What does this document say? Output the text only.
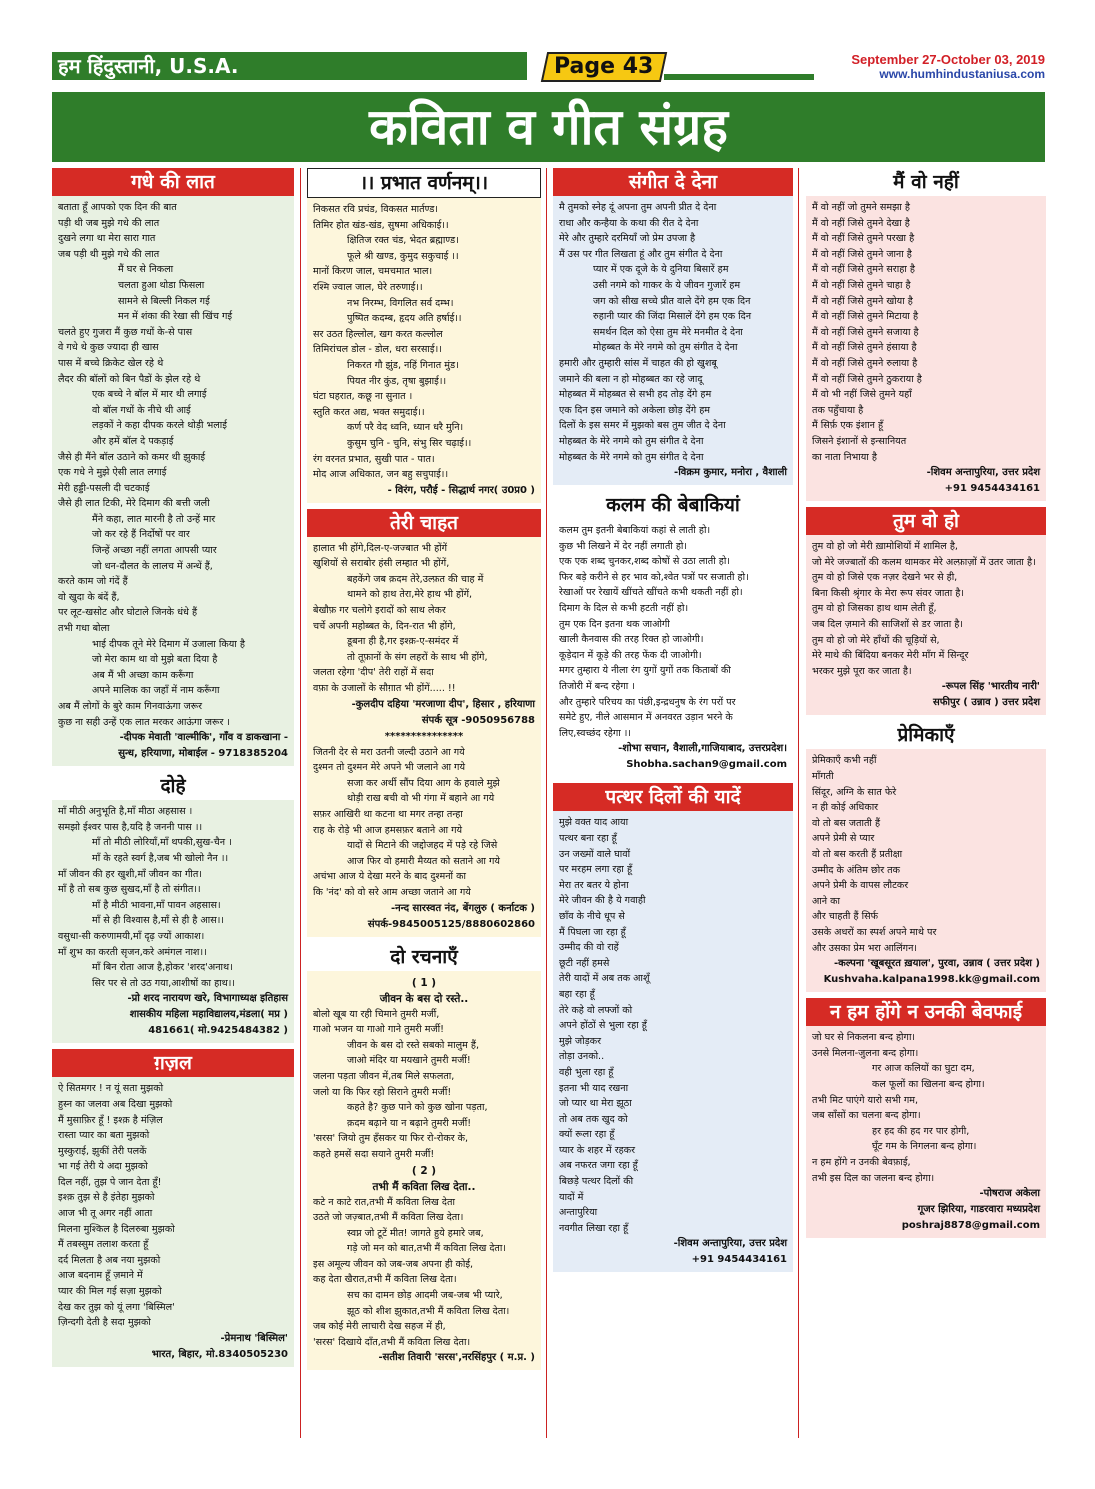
हम हिंदुस्तानी, U.S.A.	Page 43	September 27-October 03, 2019
www.humhindustaniusa.com
कविता व गीत संग्रह
गधे की लात
बताता हूँ आपको एक दिन की बात
पड़ी थी जब मुझे गधे की लात
दुखने लगा था मेरा सारा गात
जब पड़ी थी मुझे गधे की लात
मैं घर से निकला
चलता हुआ थोडा फिसला
सामने से बिल्ली निकल गई
मन में शंका की रेखा सी खिंच गई
चलते हुए गुजरा मैं कुछ गधों के-से पास
वे गधे थे कुछ ज्यादा ही खास
पास में बच्चे क्रिकेट खेल रहे थे
लैदर की बॉलों को बिन पैडों के झेल रहे थे
एक बच्चे ने बॉल में मार थी लगाई
वो बॉल गधों के नीचे थी आई
लड़कों ने कहा दीपक करले थोड़ी भलाई
और हमें बॉल दे पकड़ाई
जैसे ही मैंने बॉल उठाने को कमर थी झुकाई
एक गधे ने मुझे ऐसी लात लगाई
मेरी हड्डी-पसली दी चटकाई
जैसे ही लात टिकी, मेरे दिमाग की बत्ती जली
मैंने कहा, लात मारनी है तो उन्हें मार
जो कर रहे हैं निर्दोषों पर वार
जिन्हें अच्छा नहीं लगता आपसी प्यार
जो धन-दौलत के लालच में अन्धें हैं,
करते काम जो गंदें हैं
वो खुदा के बंदें हैं,
पर लूट-खसोट और घोटाले जिनके धंधे हैं
तभी गधा बोला
भाई दीपक तूने मेरे दिमाग में उजाला किया है
जो मेरा काम था वो मुझे बता दिया है
अब मैं भी अच्छा काम करूँगा
अपने मालिक का जहाँ में नाम करूँगा
अब मैं लोगों के बुरे काम गिनवाऊंगा जरूर
कुछ ना सही उन्हें एक लात मरकर आऊंगा जरूर ।
-दीपक मेवाती 'वाल्मीकि', गाँव व डाकखाना -
सुन्ध, हरियाणा, मोबाईल - 9718385204
दोहे
माँ मीठी अनुभूति है,माँ मीठा अहसास ।
समझो ईश्वर पास है,यदि है जननी पास ।।
माँ तो मीठी लोरियाँ,माँ थपकी,सुख-चैन ।
माँ के रहते स्वर्ग है,जब भी खोलो नैन ।।
माँ जीवन की हर खुशी,माँ जीवन का गीत।
माँ है तो सब कुछ सुखद,माँ है तो संगीत।।
माँ है मीठी भावना,माँ पावन अहसास।
माँ से ही विश्वास है,माँ से ही है आस।।
वसुधा-सी करुणामयी,माँ दृढ़ ज्यों आकाश।
माँ शुभ का करती सृजन,करे अमंगल नाश।।
माँ बिन रोता आज है,होकर 'शरद'अनाथ।
सिर पर से तो उठ गया,आशीषों का हाथ।।
-प्रो शरद नारायण खरे, विभागाध्यक्ष इतिहास
शासकीय महिला महाविद्यालय,मंडला( मप्र )
481661( मो.9425484382 )
ग़ज़ल
ऐ सितमगर ! न यूं सता मुझको
हुस्न का जलवा अब दिखा मुझको
मैं मुसाफ़िर हूँ ! इश्क़ है मंज़िल
रास्ता प्यार का बता मुझको
मुस्कुराई, झुकीं तेरी पलकें
भा गई तेरी ये अदा मुझको
दिल नहीं, तुझ पे जान देता हूँ!
इश्क़ तुझ से है इंतेहा मुझको
आज भी तू अगर नहीं आता
मिलना मुश्किल है दिलरुबा मुझको
मैं तबस्सुम तलाश करता हूँ
दर्द मिलता है अब नया मुझको
आज बदनाम हूँ ज़माने में
प्यार की मिल गई सज़ा मुझको
देख कर तुझ को यूं लगा 'बिस्मिल'
ज़िन्दगी देती है सदा मुझको
-प्रेमनाथ 'बिस्मिल'
भारत, बिहार, मो.8340505230
।। प्रभात वर्णनम्।।
निकसत रवि प्रचंड, विकसत मार्तण्ड।
तिमिर होत खंड-खंड, सुषमा अधिकाई।।
क्षितिज रक्त चंड, भेदत ब्रह्माण्ड।
फूले श्री खण्ड, कुमुद सकुचाई ।।
मानों किरण जाल, चमचमात भाल।
रश्मि ज्वाल जाल, घेरे तरुणाई।।
नभ निरम्भ, विगलित सर्व दम्भ।
पुष्पित कदम्ब, हृदय अति हर्षाई।।
सर उठत हिल्लोल, खग करत कल्लोल
तिमिरांचल डोल - डोल, धरा सरसाई।।
निकरत गौ झुंड, नहिं गिनात मुंड।
पियत नीर कुंड, तृषा बुझाई।।
घंटा घहरात, कछू ना सुनात ।
स्तुति करत अद्य, भक्त समुदाई।।
कर्ण परै वेद ध्वनि, ध्यान धरै मुनि।
कुसुम चुनि - चुनि, संभु सिर चढ़ाई।।
रंग वरनत प्रभात, सुखी पात - पात।
मोद आज अधिकात, जन बहु सचुपाई।।
- विरंग, परौई - सिद्धार्थ नगर( उ0प्र0 )
तेरी चाहत
हालात भी होंगे,दिल-ए-जज्बात भी होंगें
खुशियों से सराबोर हंसी लम्हात भी होंगें,
बहकेंगे जब क़दम तेरे,उल्फ़त की चाह में
थामने को हाथ तेरा,मेरे हाथ भी होंगें,
बेखौफ़ गर चलोगे इरादों को साथ लेकर
चर्चे अपनी महोब्बत के, दिन-रात भी होंगे,
डूबना ही है,गर इश्क़-ए-समंदर में
तो तूफ़ानों के संग लहरों के साथ भी होंगे,
जलता रहेगा 'दीप' तेरी राहों में सदा
वफ़ा के उजालों के सौग़ात भी होंगें..... !!
-कुलदीप दहिया 'मरजाणा दीप', हिसार , हरियाणा
संपर्क सूत्र -9050956788
***************
जितनी देर से मरा उतनी जल्दी उठाने आ गये
दुश्मन तो दुश्मन मेरे अपने भी जलाने आ गये
सजा कर अर्थी सौंप दिया आग के हवाले मुझे
थोड़ी राख बची वो भी गंगा में बहाने आ गये
सफ़र आखिरी था कटना था मगर तन्हा तन्हा
राह के रोड़े भी आज हमसफ़र बताने आ गये
यादों से मिटाने की जद्दोजहद में पड़े रहे जिसे
आज फिर वो हमारी मैय्यत को सताने आ गये
अचंभा आज ये देखा मरने के बाद दुश्मनों का
कि 'नंद' को वो सरे आम अच्छा जताने आ गये
-नन्द सारस्वत नंद, बेंगलुरु ( कर्नाटक )
संपर्क-9845005125/8880602860
दो रचनाएँ
( 1 )
जीवन के बस दो रस्ते..
बोलो खूब या रही चिमाने तुमरी मर्जी,
गाओ भजन या गाओ गाने तुमरी मर्जी!
जीवन के बस दो रस्ते सबको मालुम हैं,
जाओ मंदिर या मयखाने तुमरी मर्जी!
जलना पड़ता जीवन में,तब मिले सफलता,
जलो या कि फिर रहो सिराने तुमरी मर्जी!
कहते है? कुछ पाने को कुछ खोना पड़ता,
क़दम बढ़ाने या न बढ़ाने तुमरी मर्जी!
'सरस' जियो तुम हँसकर या फिर रो-रोकर के,
कहते हमसें सदा सयाने तुमरी मर्जी!
( 2 )
तभी मैं कविता लिख देता..
कटे न काटे रात,तभी मैं कविता लिख देता
उठते जो जज़्बात,तभी मैं कविता लिख देता।
स्वप्न जो टूटें मीत! जागते हुये हमारे जब,
गड़े जो मन को बात,तभी मैं कविता लिख देता।
इस अमूल्य जीवन को जब-जब अपना ही कोई,
कह देता खैरात,तभी मैं कविता लिख देता।
सच का दामन छोड़ आदमी जब-जब भी प्यारे,
झूठ को शीश झुकात,तभी मैं कविता लिख देता।
जब कोई मेरी लाचारी देख सहज में ही,
'सरस' दिखाये दाँत,तभी मैं कविता लिख देता।
-सतीश तिवारी 'सरस',नरसिंहपुर ( म.प्र. )
संगीत दे देना
मै तुमको स्नेह दूं अपना तुम अपनी प्रीत दे देना
राधा और कन्हैया के कथा की रीत दे देना
मेरे और तुम्हारे दरमियाँ जो प्रेम उपजा है
मैं उस पर गीत लिखता हूं और तुम संगीत दे देना
प्यार में एक दूजे के ये दुनिया बिसारें हम
उसी नगमे को गाकर के ये जीवन गुजारें हम
जग को सीख सच्चे प्रीत वाले देंगे हम एक दिन
रुहानी प्यार की जिंदा मिसालें देंगे हम एक दिन
समर्थन दिल को ऐसा तुम मेरे मनमीत दे देना
मोहब्बत के मेरे नगमे को तुम संगीत दे देना
हमारी और तुम्हारी सांस में चाहत की हो खुशबू
जमाने की बला न हो मोहब्बत का रहे जादू
मोहब्बत में मोहब्बत से सभी हद तोड़ देंगे हम
एक दिन इस जमाने को अकेला छोड़ देंगे हम
दिलों के इस समर में मुझको बस तुम जीत दे देना
मोहब्बत के मेरे नगमे को तुम संगीत दे देना
मोहब्बत के मेरे नगमे को तुम संगीत दे देना
-विक्रम कुमार, मनोरा , वैशाली
कलम की बेबाकियां
कलम तुम इतनी बेबाकियां कहां से लाती हो।
कुछ भी लिखने में देर नहीं लगाती हो।
एक एक शब्द चुनकर,शब्द कोषों से उठा लाती हो।
फिर बड़े करीने से हर भाव को,श्वेत पत्रों पर सजाती हो।
रेखाओं पर रेखायें खींचते खींचते कभी थकती नहीं हो।
दिमाग के दिल से कभी हटती नहीं हो।
तुम एक दिन इतना थक जाओगी
खाली कैनवास की तरह रिक्त हो जाओगी।
कूड़ेदान में कूड़े की तरह फेंक दी जाओगी।
मगर तुम्हारा ये नीला रंग युगों युगों तक किताबों की
तिजोरी में बन्द रहेगा ।
और तुम्हारे परिचय का पंछी,इन्द्रधनुष के रंग परों पर
समेटे हुए, नीले आसमान में अनवरत उड़ान भरने के
लिए,स्वच्छंद रहेगा ।।
-शोभा सचान, वैशाली,गाजियाबाद, उत्तरप्रदेश।
Shobha.sachan9@gmail.com
पत्थर दिलों की यादें
मुझे वक्त याद आया
पत्थर बना रहा हूँ
उन जख्मों वाले घावों
पर मरहम लगा रहा हूँ
मेरा तर बतर ये होना
मेरे जीवन की है ये गवाही
छाँव के नीचे धूप से
मैं पिघला जा रहा हूँ
उम्मीद की वो राहें
छूटी नहीं हमसे
तेरी यादों में अब तक आशूँ
बहा रहा हूँ
तेरे कहे वो लफ्जों को
अपने होंठों से भुला रहा हूँ
मुझे जोड़कर
तोड़ा उनको..
वही भुला रहा हूँ
इतना भी याद रखना
जो प्यार था मेरा झूठा
तो अब तक खुद को
क्यों रूला रहा हूँ
प्यार के शहर में रहकर
अब नफरत जगा रहा हूँ
बिछड़े पत्थर दिलों की
यादों में
अन्तापुरिया
नवगीत लिखा रहा हूँ
-शिवम अन्तापुरिया, उत्तर प्रदेश
+91 9454434161
मैं वो नहीं
मैं वो नहीं जो तुमने समझा है
मैं वो नहीं जिसे तुमने देखा है
मैं वो नहीं जिसे तुमने परखा है
मैं वो नहीं जिसे तुमने जाना है
मैं वो नहीं जिसे तुमने सराहा है
मैं वो नहीं जिसे तुमने चाहा है
मैं वो नहीं जिसे तुमने खोया है
मैं वो नहीं जिसे तुमने मिटाया है
मैं वो नहीं जिसे तुमने सजाया है
मैं वो नहीं जिसे तुमने हंसाया है
मैं वो नहीं जिसे तुमने रुलाया है
मैं वो नहीं जिसे तुमने ठुकराया है
मैं वो भी नहीं जिसे तुमने यहाँ
तक पहुँचाया है
मैं सिर्फ़ एक इंशान हूँ
जिसने इंशानों से इन्सानियत
का नाता निभाया है
-शिवम अन्तापुरिया, उत्तर प्रदेश
+91 9454434161
तुम वो हो
तुम वो हो जो मेरी ख़ामोशियों में शामिल है,
जो मेरे जज्बातों की कलम थामकर मेरे अल्फ़ाज़ों में उतर जाता है।
तुम वो हो जिसे एक नज़र देखने भर से ही,
बिना किसी श्रृंगार के मेरा रूप संवर जाता है।
तुम वो हो जिसका हाथ थाम लेती हूँ,
जब दिल ज़माने की साजिशों से डर जाता है।
तुम वो हो जो मेरे हाँथों की चूड़ियों से,
मेरे माथे की बिंदिया बनकर मेरी माँग में सिन्दूर
भरकर मुझे पूरा कर जाता है।
-रूपल सिंह 'भारतीय नारी'
सफीपुर ( उन्नाव ) उत्तर प्रदेश
प्रेमिकाएँ
प्रेमिकाएँ कभी नहीं
माँगती
सिंदूर, अग्नि के सात फेरे
न ही कोई अधिकार
वो तो बस जताती हैं
अपने प्रेमी से प्यार
वो तो बस करती हैं प्रतीक्षा
उम्मीद के अंतिम छोर तक
अपने प्रेमी के वापस लौटकर
आने का
और चाहती हैं सिर्फ
उसके अधरों का स्पर्श अपने माथे पर
और उसका प्रेम भरा आलिंगन।
-कल्पना 'खूबसूरत ख़याल', पुरवा, उन्नाव ( उत्तर प्रदेश )
Kushvaha.kalpana1998.kk@gmail.com
न हम होंगे न उनकी बेवफाई
जो घर से निकलना बन्द होगा।
उनसे मिलना-जुलना बन्द होगा।
गर आज कलियों का घुटा दम,
कल फूलों का खिलना बन्द होगा।
तभी मिट पाएंगे यारो सभी गम,
जब साँसों का चलना बन्द होगा।
हर हद की हद गर पार होगी,
घूँट गम के निगलना बन्द होगा।
न हम होंगे न उनकी बेवफ़ाई,
तभी इस दिल का जलना बन्द होगा।
-पोषराज अकेला
गूजर झिरिया, गाडरवारा मध्यप्रदेश
poshraj8878@gmail.com
